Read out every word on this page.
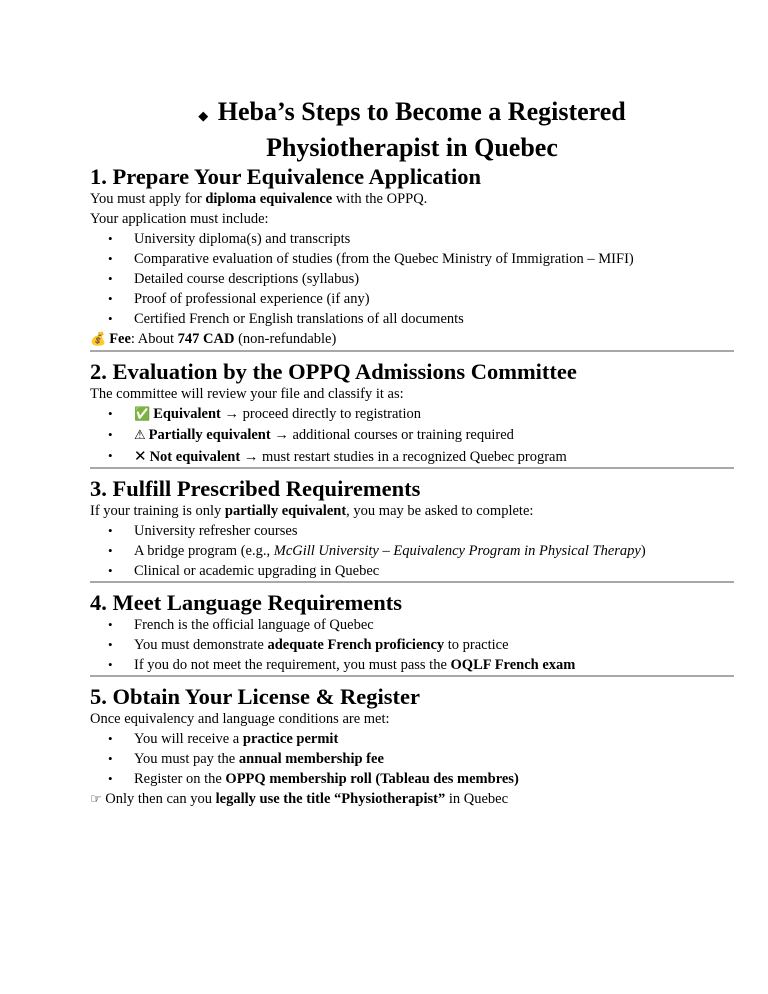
◆ Heba’s Steps to Become a Registered Physiotherapist in Quebec
1. Prepare Your Equivalence Application

You must apply for diploma equivalence with the OPPQ.

Your application must include:

• University diploma(s) and transcripts
• Comparative evaluation of studies (from the Quebec Ministry of Immigration – MIFI)
• Detailed course descriptions (syllabus)
• Proof of professional experience (if any)
• Certified French or English translations of all documents

💰 Fee: About 747 CAD (non-refundable)

2. Evaluation by the OPPQ Admissions Committee

The committee will review your file and classify it as:

• ✅ Equivalent → proceed directly to registration
• ⚠ Partially equivalent → additional courses or training required
• ✕ Not equivalent → must restart studies in a recognized Quebec program
3. Fulfill Prescribed Requirements

If your training is only partially equivalent, you may be asked to complete:

• University refresher courses
• A bridge program (e.g., McGill University – Equivalency Program in Physical Therapy)
• Clinical or academic upgrading in Quebec
4. Meet Language Requirements
• French is the official language of Quebec
• You must demonstrate adequate French proficiency to practice
• If you do not meet the requirement, you must pass the OQLF French exam
5. Obtain Your License & Register

Once equivalency and language conditions are met:

• You will receive a practice permit
• You must pay the annual membership fee
• Register on the OPPQ membership roll (Tableau des membres)

☞ Only then can you legally use the title “Physiotherapist” in Quebec
